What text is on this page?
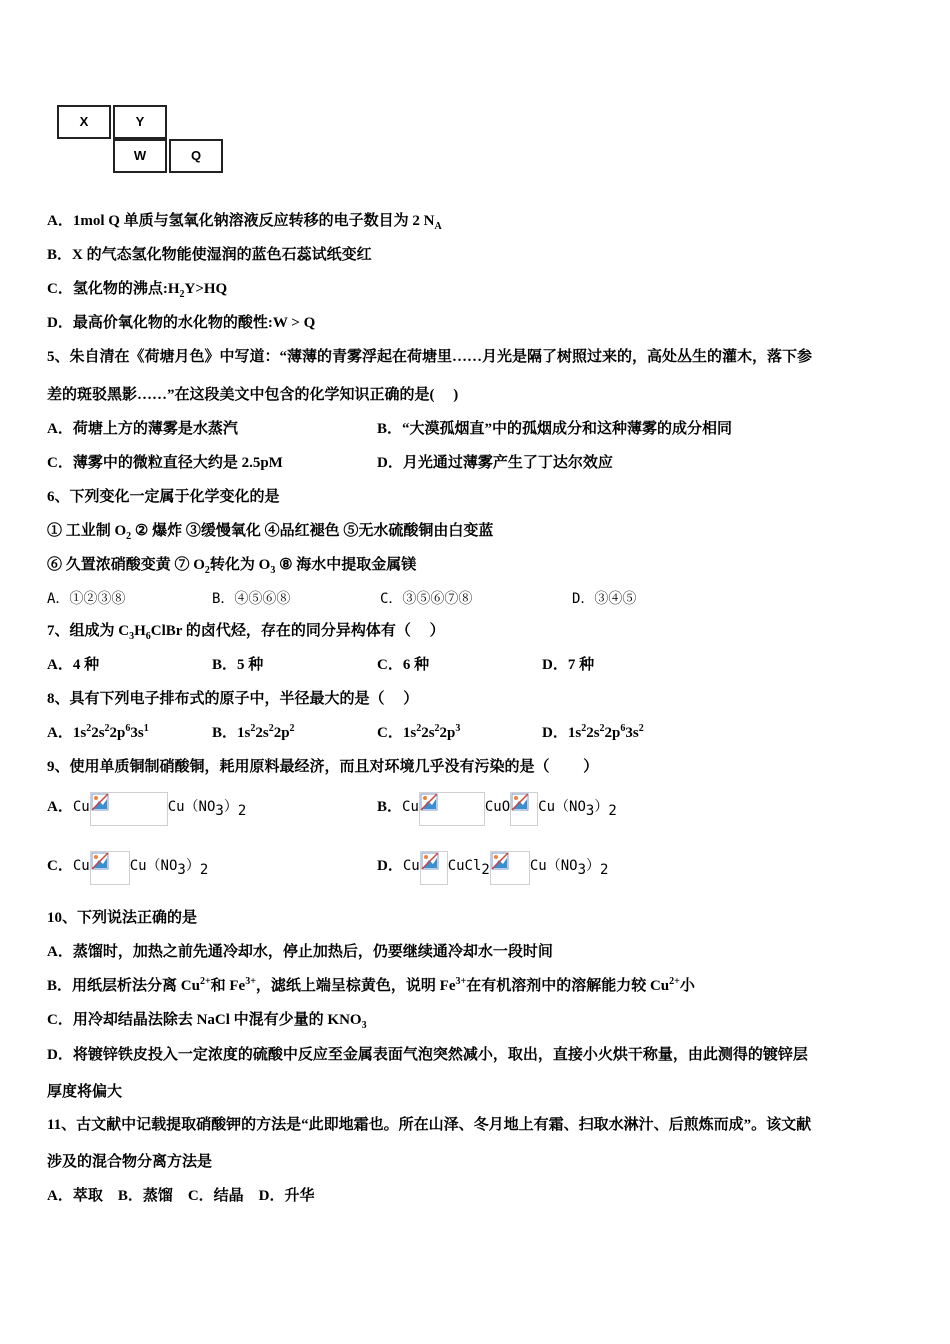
X	Y
W	Q
A．1mol Q 单质与氢氧化钠溶液反应转移的电子数目为 2 $N_A$
B．X 的气态氢化物能使湿润的蓝色石蕊试纸变红
C．氢化物的沸点$:H_2Y>HQ$
D．最高价氧化物的水化物的酸性:W > Q
5、朱自清在《荷塘月色》中写道：“薄薄的青雾浮起在荷塘里……月光是隔了树照过来的，高处丛生的灌木，落下参
差的斑驳黑影……”在这段美文中包含的化学知识正确的是(　 )
A．荷塘上方的薄雾是水蒸汽	B．“大漠孤烟直”中的孤烟成分和这种薄雾的成分相同
C．薄雾中的微粒直径大约是 2.5pM	D．月光通过薄雾产生了丁达尔效应
6、下列变化一定属于化学变化的是
① 工业制 $O_2$ ② 爆炸 ③缓慢氧化 ④品红褪色 ⑤无水硫酸铜由白变蓝
⑥ 久置浓硝酸变黄 ⑦ $O_2$转化为 $O_3$ ⑧ 海水中提取金属镁
A．①②③⑧	B．④⑤⑥⑧	C．③⑤⑥⑦⑧	D．③④⑤
7、组成为 $C_3H_6ClBr$ 的卤代烃，存在的同分异构体有（　 ）
A．4 种	B．5 种	C．6 种	D．7 种
8、具有下列电子排布式的原子中，半径最大的是（　 ）
A．$1s^22s^22p^63s^1$	B．$1s^22s^22p^2$	C．$1s^22s^22p^3$	D．$1s^22s^22p^63s^2$
9、使用单质铜制硝酸铜，耗用原料最经济，而且对环境几乎没有污染的是（　　 ）
A．Cu	$Cu(NO_3)_2$	B．Cu	CuO $Cu(NO_3)_2$
C．Cu	$Cu(NO_3)_2$	D．Cu CuCl$_2$	$Cu(NO_3)_2$
10、下列说法正确的是
A．蒸馏时，加热之前先通冷却水，停止加热后，仍要继续通冷却水一段时间
B．用纸层析法分离 $Cu^{2+}$和 $Fe^{3+}$，滤纸上端呈棕黄色，说明 $Fe^{3+}$在有机溶剂中的溶解能力较 $Cu^{2+}$小
C．用冷却结晶法除去 NaCl 中混有少量的 $KNO_3$
D．将镀锌铁皮投入一定浓度的硫酸中反应至金属表面气泡突然减小，取出，直接小火烘干称量，由此测得的镀锌层
厚度将偏大
11、古文献中记载提取硝酸钾的方法是“此即地霜也。所在山泽、冬月地上有霜、扫取水淋汁、后煎炼而成”。该文献
涉及的混合物分离方法是
A．萃取　B．蒸馏　C．结晶　D．升华
